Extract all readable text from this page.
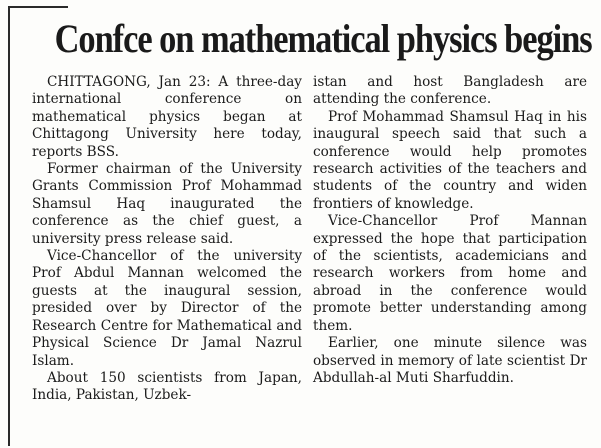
Confce on mathematical physics begins

CHITTAGONG, Jan 23: A three-day international conference on mathematical physics began at Chittagong University here today, reports BSS.

Former chairman of the University Grants Commission Prof Mohammad Shamsul Haq inaugurated the conference as the chief guest, a university press release said.

Vice-Chancellor of the university Prof Abdul Mannan welcomed the guests at the inaugural session, presided over by Director of the Research Centre for Mathematical and Physical Science Dr Jamal Nazrul Islam.

About 150 scientists from Japan, India, Pakistan, Uzbek-

istan and host Bangladesh are attending the conference.

Prof Mohammad Shamsul Haq in his inaugural speech said that such a conference would help promotes research activities of the teachers and students of the country and widen frontiers of knowledge.

Vice-Chancellor Prof Mannan expressed the hope that participation of the scientists, academicians and research workers from home and abroad in the conference would promote better understanding among them.

Earlier, one minute silence was observed in memory of late scientist Dr Abdullah-al Muti Sharfuddin.
